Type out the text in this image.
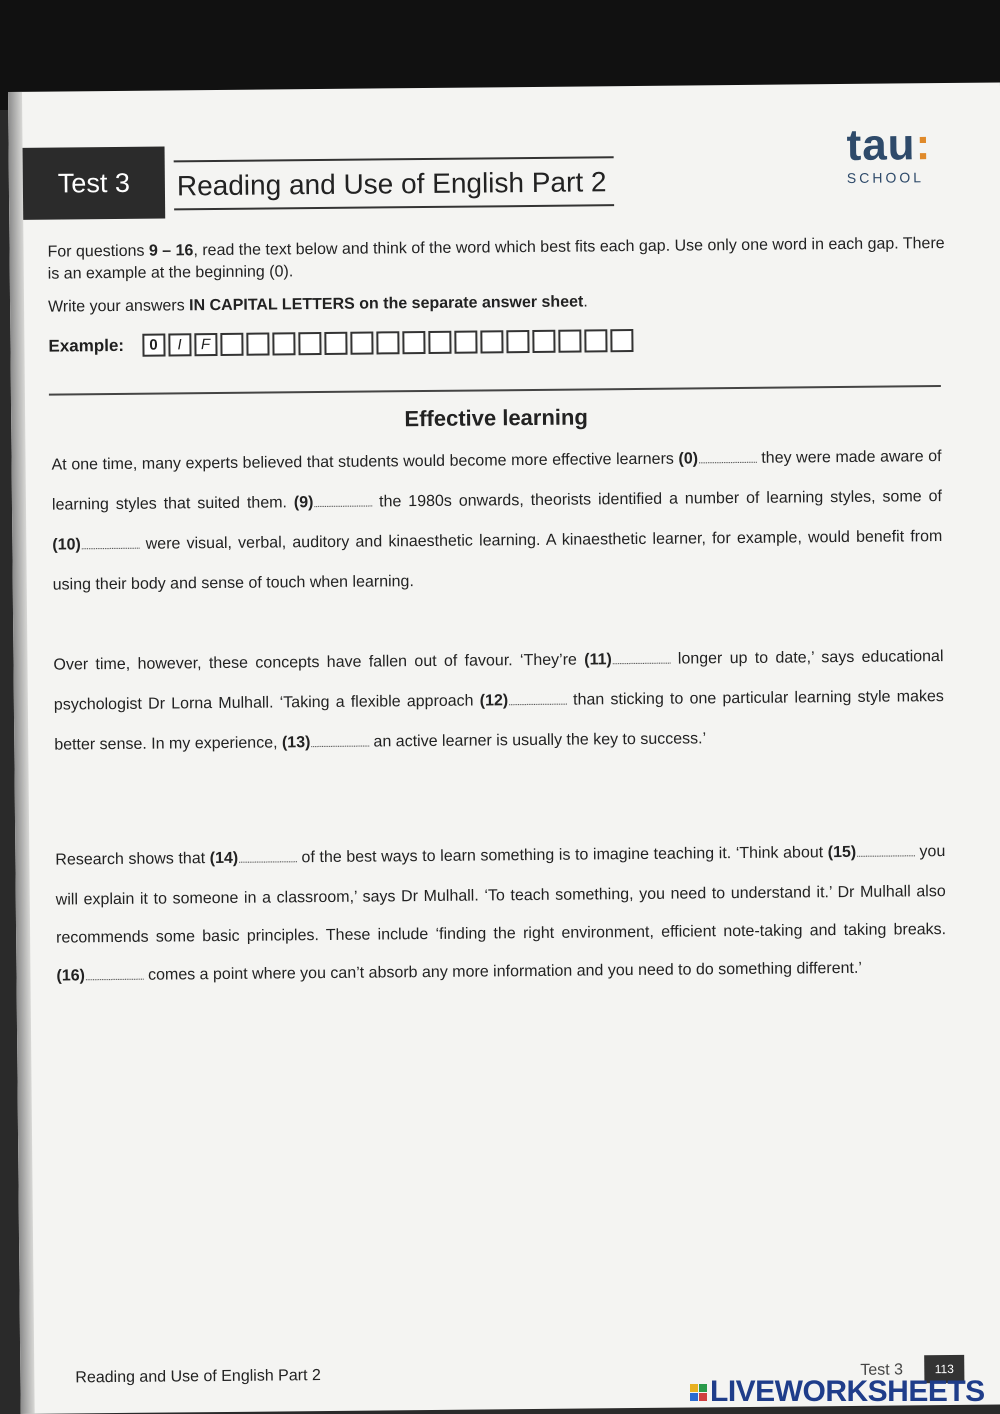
Test 3	Reading and Use of English Part 2
tau:
SCHOOL
For questions 9 – 16, read the text below and think of the word which best fits each gap. Use only one word in each gap. There is an example at the beginning (0).
Write your answers IN CAPITAL LETTERS on the separate answer sheet.
Example:	0	I	F
Effective learning
At one time, many experts believed that students would become more effective learners (0)................................. they were made aware of learning styles that suited them. (9)................................. the 1980s onwards, theorists identified a number of learning styles, some of (10)................................. were visual, verbal, auditory and kinaesthetic learning. A kinaesthetic learner, for example, would benefit from using their body and sense of touch when learning.
Over time, however, these concepts have fallen out of favour. ‘They’re (11)................................. longer up to date,’ says educational psychologist Dr Lorna Mulhall. ‘Taking a flexible approach (12)................................. than sticking to one particular learning style makes better sense. In my experience, (13)................................. an active learner is usually the key to success.’
Research shows that (14)................................. of the best ways to learn something is to imagine teaching it. ‘Think about (15)................................. you will explain it to someone in a classroom,’ says Dr Mulhall. ‘To teach something, you need to understand it.’ Dr Mulhall also recommends some basic principles. These include ‘finding the right environment, efficient note-taking and taking breaks. (16)................................. comes a point where you can’t absorb any more information and you need to do something different.’
Reading and Use of English Part 2	Test 3	113
LIVEWORKSHEETS
